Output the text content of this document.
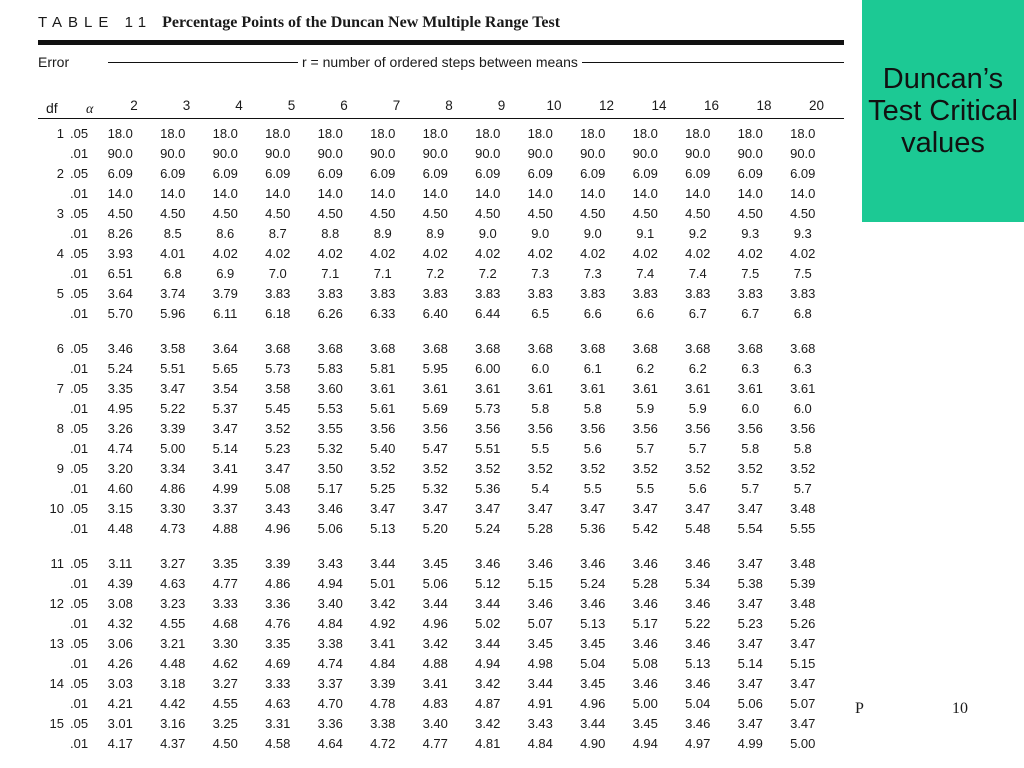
TABLE 11 Percentage Points of the Duncan New Multiple Range Test
Error	r = number of ordered steps between means
df α	2	3	4	5	6	7	8	9	10	12	14	16	18	20
1	.05	18.0	18.0	18.0	18.0	18.0	18.0	18.0	18.0	18.0	18.0	18.0	18.0	18.0	18.0
	.01	90.0	90.0	90.0	90.0	90.0	90.0	90.0	90.0	90.0	90.0	90.0	90.0	90.0	90.0
2	.05	6.09	6.09	6.09	6.09	6.09	6.09	6.09	6.09	6.09	6.09	6.09	6.09	6.09	6.09
	.01	14.0	14.0	14.0	14.0	14.0	14.0	14.0	14.0	14.0	14.0	14.0	14.0	14.0	14.0
3	.05	4.50	4.50	4.50	4.50	4.50	4.50	4.50	4.50	4.50	4.50	4.50	4.50	4.50	4.50
	.01	8.26	8.5	8.6	8.7	8.8	8.9	8.9	9.0	9.0	9.0	9.1	9.2	9.3	9.3
4	.05	3.93	4.01	4.02	4.02	4.02	4.02	4.02	4.02	4.02	4.02	4.02	4.02	4.02	4.02
	.01	6.51	6.8	6.9	7.0	7.1	7.1	7.2	7.2	7.3	7.3	7.4	7.4	7.5	7.5
5	.05	3.64	3.74	3.79	3.83	3.83	3.83	3.83	3.83	3.83	3.83	3.83	3.83	3.83	3.83
	.01	5.70	5.96	6.11	6.18	6.26	6.33	6.40	6.44	6.5	6.6	6.6	6.7	6.7	6.8

6	.05	3.46	3.58	3.64	3.68	3.68	3.68	3.68	3.68	3.68	3.68	3.68	3.68	3.68	3.68
	.01	5.24	5.51	5.65	5.73	5.83	5.81	5.95	6.00	6.0	6.1	6.2	6.2	6.3	6.3
7	.05	3.35	3.47	3.54	3.58	3.60	3.61	3.61	3.61	3.61	3.61	3.61	3.61	3.61	3.61
	.01	4.95	5.22	5.37	5.45	5.53	5.61	5.69	5.73	5.8	5.8	5.9	5.9	6.0	6.0
8	.05	3.26	3.39	3.47	3.52	3.55	3.56	3.56	3.56	3.56	3.56	3.56	3.56	3.56	3.56
	.01	4.74	5.00	5.14	5.23	5.32	5.40	5.47	5.51	5.5	5.6	5.7	5.7	5.8	5.8
9	.05	3.20	3.34	3.41	3.47	3.50	3.52	3.52	3.52	3.52	3.52	3.52	3.52	3.52	3.52
	.01	4.60	4.86	4.99	5.08	5.17	5.25	5.32	5.36	5.4	5.5	5.5	5.6	5.7	5.7
10	.05	3.15	3.30	3.37	3.43	3.46	3.47	3.47	3.47	3.47	3.47	3.47	3.47	3.47	3.48
	.01	4.48	4.73	4.88	4.96	5.06	5.13	5.20	5.24	5.28	5.36	5.42	5.48	5.54	5.55

11	.05	3.11	3.27	3.35	3.39	3.43	3.44	3.45	3.46	3.46	3.46	3.46	3.46	3.47	3.48
	.01	4.39	4.63	4.77	4.86	4.94	5.01	5.06	5.12	5.15	5.24	5.28	5.34	5.38	5.39
12	.05	3.08	3.23	3.33	3.36	3.40	3.42	3.44	3.44	3.46	3.46	3.46	3.46	3.47	3.48
	.01	4.32	4.55	4.68	4.76	4.84	4.92	4.96	5.02	5.07	5.13	5.17	5.22	5.23	5.26
13	.05	3.06	3.21	3.30	3.35	3.38	3.41	3.42	3.44	3.45	3.45	3.46	3.46	3.47	3.47
	.01	4.26	4.48	4.62	4.69	4.74	4.84	4.88	4.94	4.98	5.04	5.08	5.13	5.14	5.15
14	.05	3.03	3.18	3.27	3.33	3.37	3.39	3.41	3.42	3.44	3.45	3.46	3.46	3.47	3.47
	.01	4.21	4.42	4.55	4.63	4.70	4.78	4.83	4.87	4.91	4.96	5.00	5.04	5.06	5.07
15	.05	3.01	3.16	3.25	3.31	3.36	3.38	3.40	3.42	3.43	3.44	3.45	3.46	3.47	3.47
	.01	4.17	4.37	4.50	4.58	4.64	4.72	4.77	4.81	4.84	4.90	4.94	4.97	4.99	5.00
Duncan’s Test Critical values
P	10
